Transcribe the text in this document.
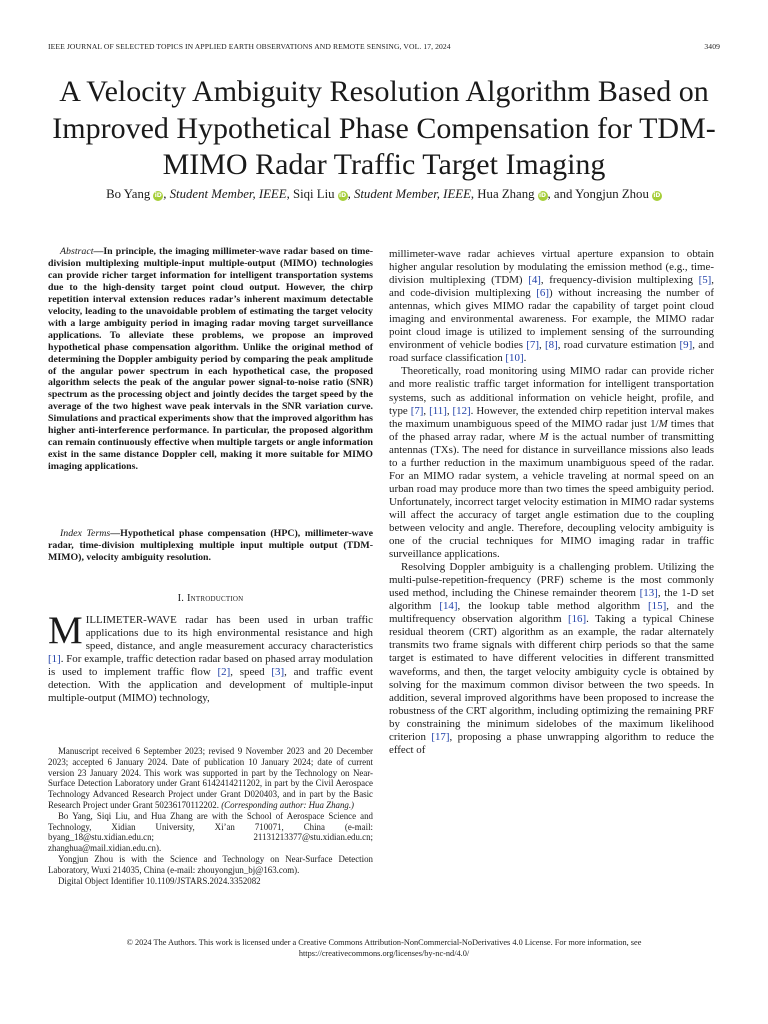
IEEE JOURNAL OF SELECTED TOPICS IN APPLIED EARTH OBSERVATIONS AND REMOTE SENSING, VOL. 17, 2024	3409
A Velocity Ambiguity Resolution Algorithm Based on Improved Hypothetical Phase Compensation for TDM-MIMO Radar Traffic Target Imaging
Bo Yang iD, Student Member, IEEE, Siqi Liu iD, Student Member, IEEE, Hua Zhang iD, and Yongjun Zhou iD

Abstract—In principle, the imaging millimeter-wave radar based on time-division multiplexing multiple-input multiple-output (MIMO) technologies can provide richer target information for intelligent transportation systems due to the high-density target point cloud output. However, the chirp repetition interval extension reduces radar’s inherent maximum detectable velocity, leading to the unavoidable problem of estimating the target velocity with a large ambiguity period in imaging radar moving target surveillance applications. To alleviate these problems, we propose an improved hypothetical phase compensation algorithm. Unlike the original method of determining the Doppler ambiguity period by comparing the peak amplitude of the angular power spectrum in each hypothetical case, the proposed algorithm selects the peak of the angular power signal-to-noise ratio (SNR) spectrum as the processing object and jointly decides the target speed by the average of the two highest wave peak intervals in the SNR variation curve. Simulations and practical experiments show that the improved algorithm has higher anti-interference performance. In particular, the proposed algorithm can remain continuously effective when multiple targets or angle information exist in the same distance Doppler cell, making it more suitable for MIMO imaging applications.

Index Terms—Hypothetical phase compensation (HPC), millimeter-wave radar, time-division multiplexing multiple input multiple output (TDM-MIMO), velocity ambiguity resolution.

I. Introduction

MILLIMETER-WAVE radar has been used in urban traffic applications due to its high environmental resistance and high speed, distance, and angle measurement accuracy characteristics [1]. For example, traffic detection radar based on phased array modulation is used to implement traffic flow [2], speed [3], and traffic event detection. With the application and development of multiple-input multiple-output (MIMO) technology,

Manuscript received 6 September 2023; revised 9 November 2023 and 20 December 2023; accepted 6 January 2024. Date of publication 10 January 2024; date of current version 23 January 2024. This work was supported in part by the Technology on Near-Surface Detection Laboratory under Grant 6142414211202, in part by the Civil Aerospace Technology Advanced Research Project under Grant D020403, and in part by the Basic Research Project under Grant 50236170112202. (Corresponding author: Hua Zhang.)

Bo Yang, Siqi Liu, and Hua Zhang are with the School of Aerospace Science and Technology, Xidian University, Xi’an 710071, China (e-mail: byang_18@stu.xidian.edu.cn; 21131213377@stu.xidian.edu.cn; zhanghua@mail.xidian.edu.cn).

Yongjun Zhou is with the Science and Technology on Near-Surface Detection Laboratory, Wuxi 214035, China (e-mail: zhouyongjun_bj@163.com).

Digital Object Identifier 10.1109/JSTARS.2024.3352082

millimeter-wave radar achieves virtual aperture expansion to obtain higher angular resolution by modulating the emission method (e.g., time-division multiplexing (TDM) [4], frequency-division multiplexing [5], and code-division multiplexing [6]) without increasing the number of antennas, which gives MIMO radar the capability of target point cloud imaging and environmental awareness. For example, the MIMO radar point cloud image is utilized to implement sensing of the surrounding environment of vehicle bodies [7], [8], road curvature estimation [9], and road surface classification [10].

Theoretically, road monitoring using MIMO radar can provide richer and more realistic traffic target information for intelligent transportation systems, such as additional information on vehicle height, profile, and type [7], [11], [12]. However, the extended chirp repetition interval makes the maximum unambiguous speed of the MIMO radar just 1/M times that of the phased array radar, where M is the actual number of transmitting antennas (TXs). The need for distance in surveillance missions also leads to a further reduction in the maximum unambiguous speed of the radar. For an MIMO radar system, a vehicle traveling at normal speed on an urban road may produce more than two times the speed ambiguity period. Unfortunately, incorrect target velocity estimation in MIMO radar systems will affect the accuracy of target angle estimation due to the coupling between velocity and angle. Therefore, decoupling velocity ambiguity is one of the crucial techniques for MIMO imaging radar in traffic surveillance applications.

Resolving Doppler ambiguity is a challenging problem. Utilizing the multi-pulse-repetition-frequency (PRF) scheme is the most commonly used method, including the Chinese remainder theorem [13], the 1-D set algorithm [14], the lookup table method algorithm [15], and the multifrequency observation algorithm [16]. Taking a typical Chinese residual theorem (CRT) algorithm as an example, the radar alternately transmits two frame signals with different chirp periods so that the same target is estimated to have different velocities in different transmitted waveforms, and then, the target velocity ambiguity cycle is obtained by solving for the maximum common divisor between the two speeds. In addition, several improved algorithms have been proposed to increase the robustness of the CRT algorithm, including optimizing the remaining PRF by constraining the minimum sidelobes of the maximum likelihood criterion [17], proposing a phase unwrapping algorithm to reduce the effect of

© 2024 The Authors. This work is licensed under a Creative Commons Attribution-NonCommercial-NoDerivatives 4.0 License. For more information, see
https://creativecommons.org/licenses/by-nc-nd/4.0/
